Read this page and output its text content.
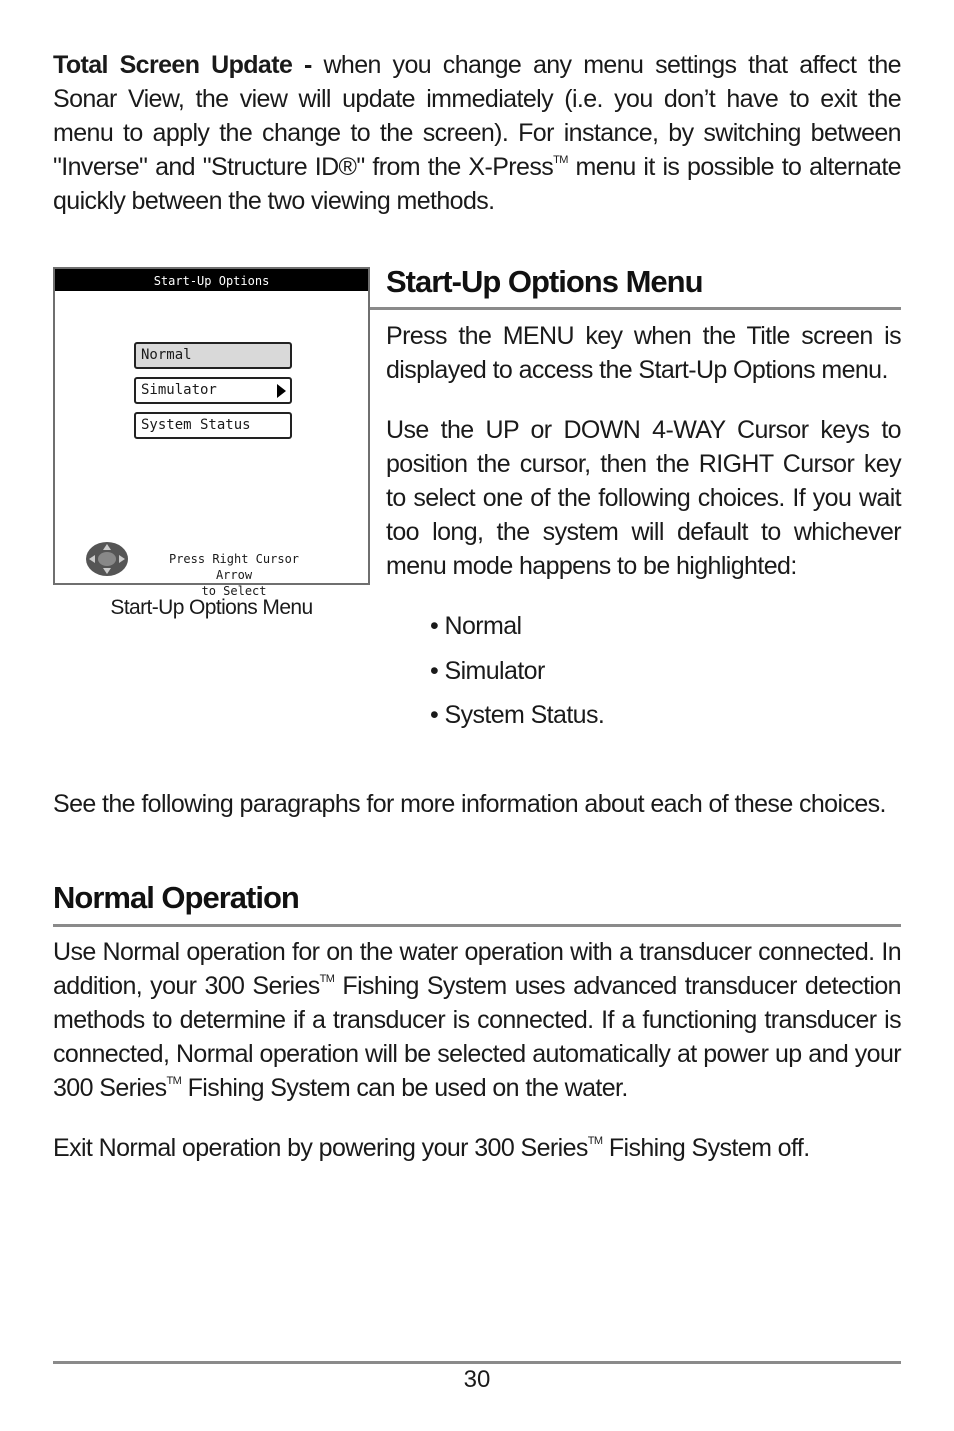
Total Screen Update - when you change any menu settings that affect the Sonar View, the view will update immediately (i.e. you don’t have to exit the menu to apply the change to the screen). For instance, by switching between "Inverse" and "Structure ID®" from the X-Press™ menu it is possible to alternate quickly between the two viewing methods.

Start-Up Options
Normal
Simulator
System Status
Press Right Cursor Arrow
to Select
Start-Up Options Menu
Start-Up Options Menu

Press the MENU key when the Title screen is displayed to access the Start-Up Options menu.

Use the UP or DOWN 4-WAY Cursor keys to position the cursor, then the RIGHT Cursor key to select one of the following choices. If you wait too long, the system will default to whichever menu mode happens to be highlighted:

• Normal
• Simulator
• System Status.

See the following paragraphs for more information about each of these choices.

Normal Operation

Use Normal operation for on the water operation with a transducer connected. In addition, your 300 Series™ Fishing System uses advanced transducer detection methods to determine if a transducer is connected. If a functioning transducer is connected, Normal operation will be selected automatically at power up and your 300 Series™ Fishing System can be used on the water.

Exit Normal operation by powering your 300 Series™ Fishing System off.

30
